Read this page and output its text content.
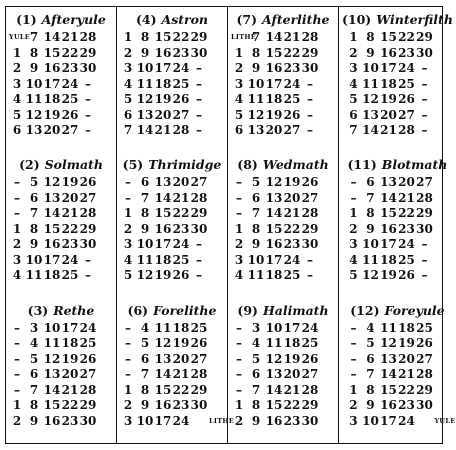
(1) Afteryule
YULE 7 14 21 28
1 8 15 22 29
2 9 16 23 30
3 10 17 24 –
4 11 18 25 –
5 12 19 26 –
6 13 20 27 –
(4) Astron
1 8 15 22 29
2 9 16 23 30
3 10 17 24 –
4 11 18 25 –
5 12 19 26 –
6 13 20 27 –
7 14 21 28 –
(7) Afterlithe
LITHE
7 14 21 28
1 8 15 22 29
2 9 16 23 30
3 10 17 24 –
4 11 18 25 –
5 12 19 26 –
6 13 20 27 –
(10) Winterfilth
1 8 15 22 29
2 9 16 23 30
3 10 17 24 –
4 11 18 25 –
5 12 19 26 –
6 13 20 27 –
7 14 21 28 –
(2) Solmath
– 5 12 19 26
– 6 13 20 27
– 7 14 21 28
1 8 15 22 29
2 9 16 23 30
3 10 17 24 –
4 11 18 25 –
(5) Thrimidge
– 6 13 20 27
– 7 14 21 28
1 8 15 22 29
2 9 16 23 30
3 10 17 24 –
4 11 18 25 –
5 12 19 26 –
(8) Wedmath
– 5 12 19 26
– 6 13 20 27
– 7 14 21 28
1 8 15 22 29
2 9 16 23 30
3 10 17 24 –
4 11 18 25 –
(11) Blotmath
– 6 13 20 27
– 7 14 21 28
1 8 15 22 29
2 9 16 23 30
3 10 17 24 –
4 11 18 25 –
5 12 19 26 –
(3) Rethe
– 3 10 17 24
– 4 11 18 25
– 5 12 19 26
– 6 13 20 27
– 7 14 21 28
1 8 15 22 29
2 9 16 23 30
(6) Forelithe
– 4 11 18 25
– 5 12 19 26
– 6 13 20 27
– 7 14 21 28
1 8 15 22 29
2 9 16 23 30
3 10 17 24	LITHE
(9) Halimath
– 3 10 17 24
– 4 11 18 25
– 5 12 19 26
– 6 13 20 27
– 7 14 21 28
1 8 15 22 29
2 9 16 23 30
(12) Foreyule
– 4 11 18 25
– 5 12 19 26
– 6 13 20 27
– 7 14 21 28
1 8 15 22 29
2 9 16 23 30
3 10 17 24	YULE
